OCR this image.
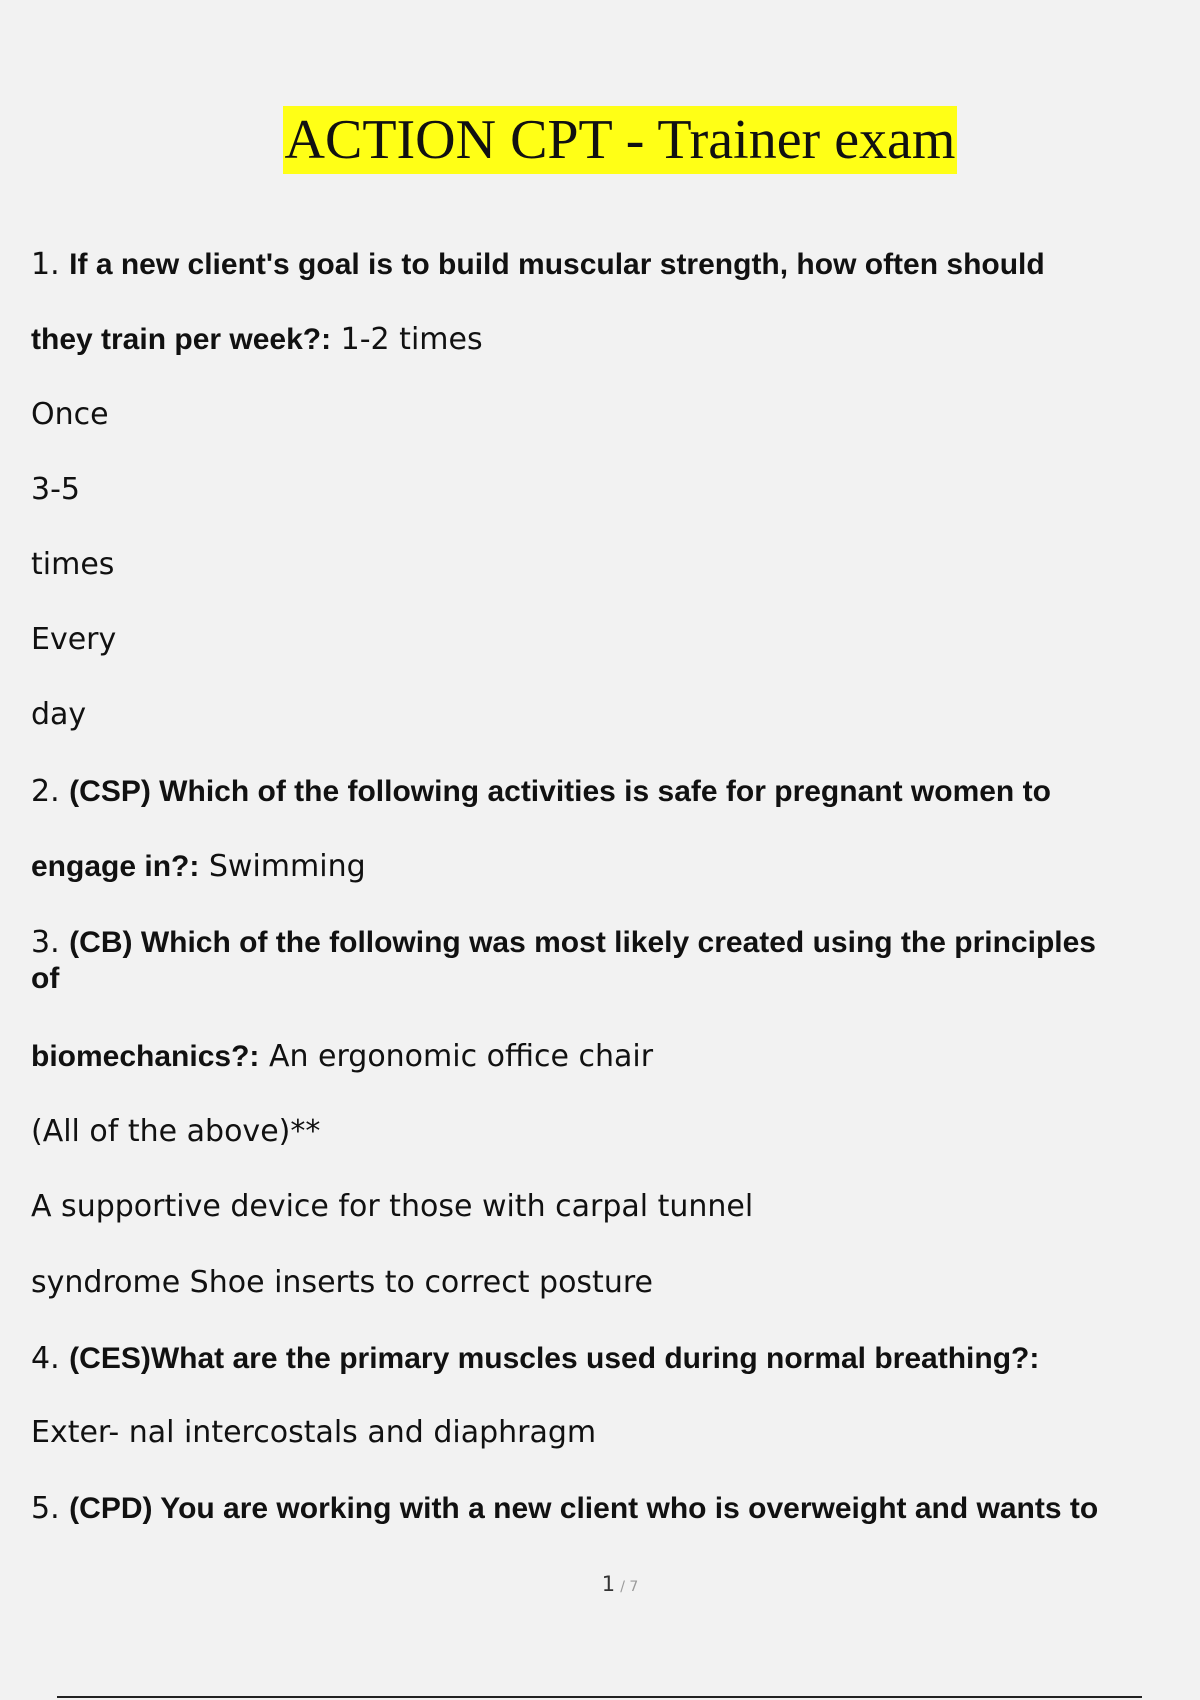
ACTION CPT - Trainer exam
1. If a new client's goal is to build muscular strength, how often should
they train per week?: 1-2 times
Once
3-5
times
Every
day
2. (CSP) Which of the following activities is safe for pregnant women to
engage in?: Swimming
3. (CB) Which of the following was most likely created using the principles
of
biomechanics?: An ergonomic office chair
(All of the above)**
A supportive device for those with carpal tunnel
syndrome Shoe inserts to correct posture
4. (CES)What are the primary muscles used during normal breathing?:
Exter- nal intercostals and diaphragm
5. (CPD) You are working with a new client who is overweight and wants to
1 / 7
